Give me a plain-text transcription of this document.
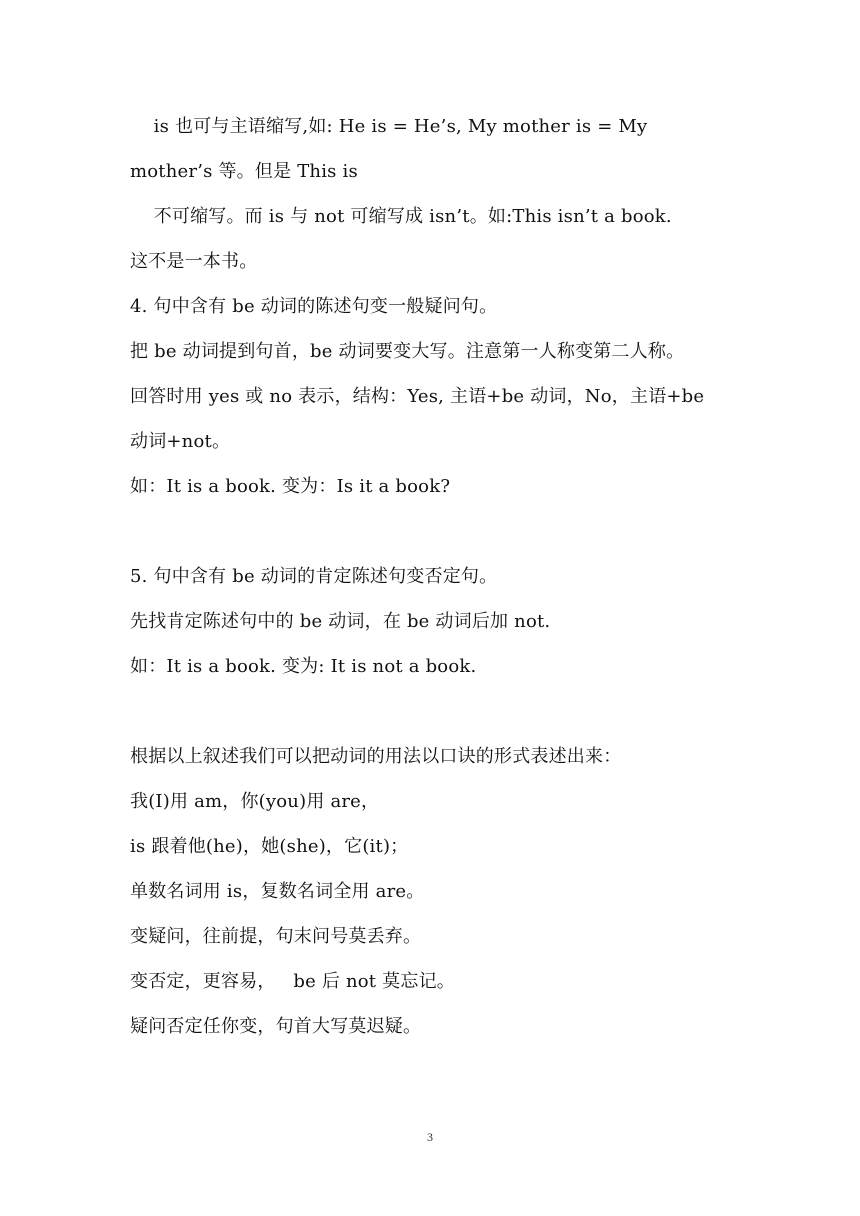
is 也可与主语缩写,如: He is = He’s, My mother is = My
mother’s 等。但是 This is
不可缩写。而 is 与 not 可缩写成 isn’t。如:This isn’t a book.
这不是一本书。
4. 句中含有 be 动词的陈述句变一般疑问句。
把 be 动词提到句首，be 动词要变大写。注意第一人称变第二人称。
回答时用 yes 或 no 表示，结构：Yes, 主语+be 动词，No，主语+be
动词+not。
如：It is a book. 变为：Is it a book?
5. 句中含有 be 动词的肯定陈述句变否定句。
先找肯定陈述句中的 be 动词，在 be 动词后加 not.
如：It is a book. 变为: It is not a book.
根据以上叙述我们可以把动词的用法以口诀的形式表述出来：
我(I)用 am，你(you)用 are，
is 跟着他(he)，她(she)，它(it)；
单数名词用 is，复数名词全用 are。
变疑问，往前提，句末问号莫丢弃。
变否定，更容易，   be 后 not 莫忘记。
疑问否定任你变，句首大写莫迟疑。
3
